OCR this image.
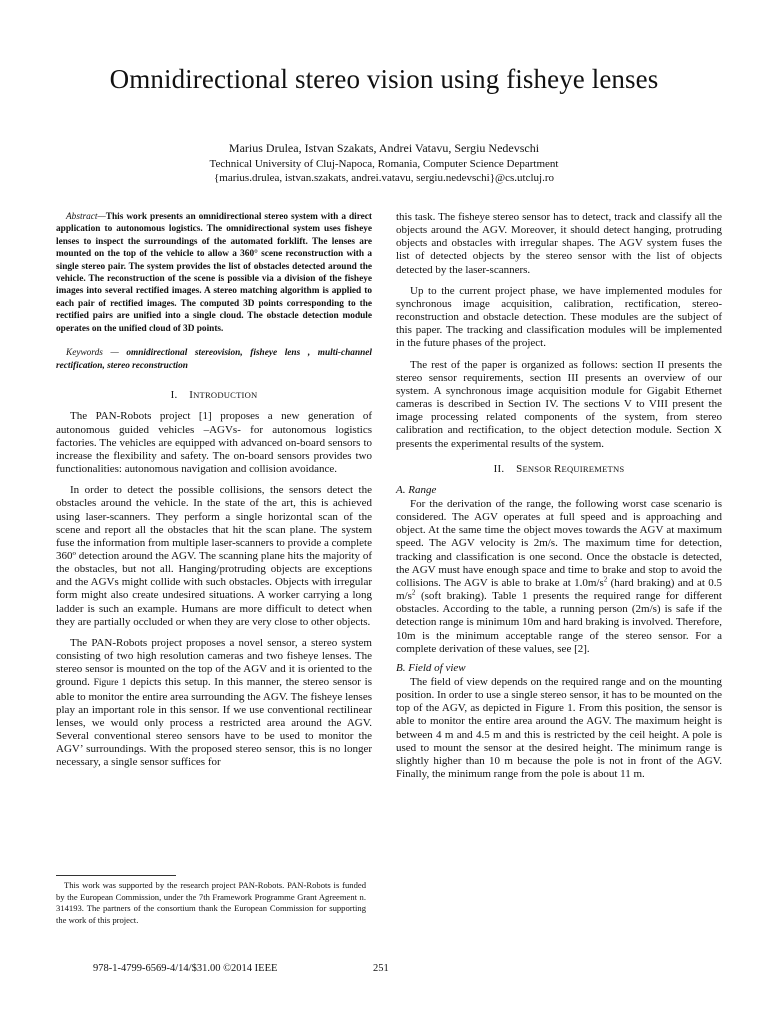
Omnidirectional stereo vision using fisheye lenses
Marius Drulea, Istvan Szakats, Andrei Vatavu, Sergiu Nedevschi
Technical University of Cluj-Napoca, Romania, Computer Science Department
{marius.drulea, istvan.szakats, andrei.vatavu, sergiu.nedevschi}@cs.utcluj.ro

Abstract—This work presents an omnidirectional stereo system with a direct application to autonomous logistics. The omnidirectional system uses fisheye lenses to inspect the surroundings of the automated forklift. The lenses are mounted on the top of the vehicle to allow a 360° scene reconstruction with a single stereo pair. The system provides the list of obstacles detected around the vehicle. The reconstruction of the scene is possible via a division of the fisheye images into several rectified images. A stereo matching algorithm is applied to each pair of rectified images. The computed 3D points corresponding to the rectified pairs are unified into a single cloud. The obstacle detection module operates on the unified cloud of 3D points.

Keywords — omnidirectional stereovision, fisheye lens , multi-channel rectification, stereo reconstruction

I. INTRODUCTION

The PAN-Robots project [1] proposes a new generation of autonomous guided vehicles –AGVs- for autonomous logistics factories. The vehicles are equipped with advanced on-board sensors to increase the flexibility and safety. The on-board sensors provides two functionalities: autonomous navigation and collision avoidance.

In order to detect the possible collisions, the sensors detect the obstacles around the vehicle. In the state of the art, this is achieved using laser-scanners. They perform a single horizontal scan of the scene and report all the obstacles that hit the scan plane. The system fuse the information from multiple laser-scanners to provide a complete 360º detection around the AGV. The scanning plane hits the majority of the obstacles, but not all. Hanging/protruding objects are exceptions and the AGVs might collide with such obstacles. Objects with irregular form might also create undesired situations. A worker carrying a long ladder is such an example. Humans are more difficult to detect when they are partially occluded or when they are very close to other objects.

The PAN-Robots project proposes a novel sensor, a stereo system consisting of two high resolution cameras and two fisheye lenses. The stereo sensor is mounted on the top of the AGV and it is oriented to the ground. Figure 1 depicts this setup. In this manner, the stereo sensor is able to monitor the entire area surrounding the AGV. The fisheye lenses play an important role in this sensor. If we use conventional rectilinear lenses, we would only process a restricted area around the AGV. Several conventional stereo sensors have to be used to monitor the AGV’ surroundings. With the proposed stereo sensor, this is no longer necessary, a single sensor suffices for

this task. The fisheye stereo sensor has to detect, track and classify all the objects around the AGV. Moreover, it should detect hanging, protruding objects and obstacles with irregular shapes. The AGV system fuses the list of detected objects by the stereo sensor with the list of objects detected by the laser-scanners.

Up to the current project phase, we have implemented modules for synchronous image acquisition, calibration, rectification, stereo-reconstruction and obstacle detection. These modules are the subject of this paper. The tracking and classification modules will be implemented in the future phases of the project.

The rest of the paper is organized as follows: section II presents the stereo sensor requirements, section III presents an overview of our system. A synchronous image acquisition module for Gigabit Ethernet cameras is described in Section IV. The sections V to VIII present the image processing related components of the system, from stereo calibration and rectification, to the object detection module. Section X presents the experimental results of the system.

II. SENSOR REQUIREMETNS
A. Range

For the derivation of the range, the following worst case scenario is considered. The AGV operates at full speed and is approaching and object. At the same time the object moves towards the AGV at maximum speed. The AGV velocity is 2m/s. The maximum time for detection, tracking and classification is one second. Once the obstacle is detected, the AGV must have enough space and time to brake and stop to avoid the collisions. The AGV is able to brake at $1.0m/s^2$ (hard braking) and at 0.5 $m/s^2$ (soft braking). Table 1 presents the required range for different obstacles. According to the table, a running person (2m/s) is safe if the detection range is minimum 10m and hard braking is involved. Therefore, 10m is the minimum acceptable range of the stereo sensor. For a complete derivation of these values, see [2].

B. Field of view

The field of view depends on the required range and on the mounting position. In order to use a single stereo sensor, it has to be mounted on the top of the AGV, as depicted in Figure 1. From this position, the sensor is able to monitor the entire area around the AGV. The maximum height is between 4 m and 4.5 m and this is restricted by the ceil height. A pole is used to mount the sensor at the desired height. The minimum range is slightly higher than 10 m because the pole is not in front of the AGV. Finally, the minimum range from the pole is about 11 m.

This work was supported by the research project PAN-Robots. PAN-Robots is funded by the European Commission, under the 7th Framework Programme Grant Agreement n. 314193. The partners of the consortium thank the European Commission for supporting the work of this project.

978-1-4799-6569-4/14/$31.00 ©2014 IEEE	251
